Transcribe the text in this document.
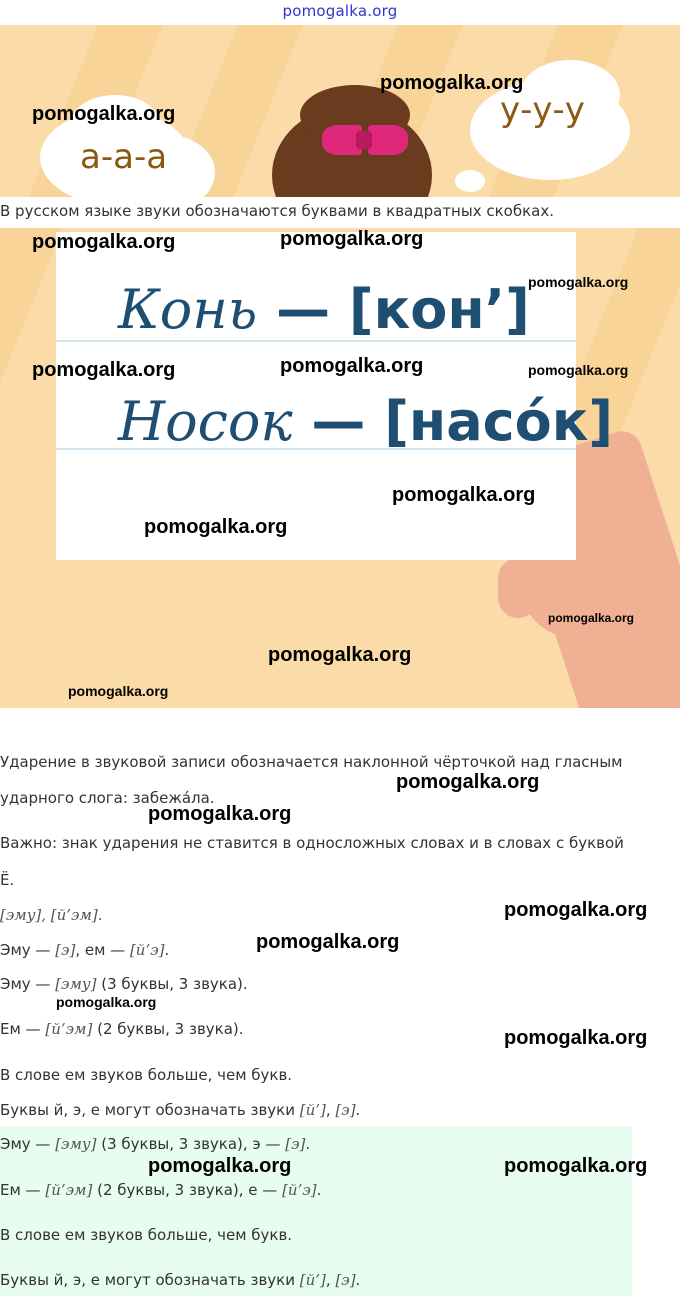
pomogalka.org
а-а-а
у-у-у
В русском языке звуки обозначаются буквами в квадратных скобках.
Конь — [кон’]
Носок — [насо́к]
Ударение в звуковой записи обозначается наклонной чёрточкой над гласным
ударного слога: забежа́ла.
Важно: знак ударения не ставится в односложных словах и в словах с буквой
Ё.
[эму], [й’эм].
Эму — [э], ем — [й’э].
Эму — [эму] (3 буквы, 3 звука).
Ем — [й’эм] (2 буквы, 3 звука).
В слове ем звуков больше, чем букв.
Буквы й, э, е могут обозначать звуки [й’], [э].
Эму — [эму] (3 буквы, 3 звука), э — [э].
Ем — [й’эм] (2 буквы, 3 звука), е — [й’э].
В слове ем звуков больше, чем букв.
Буквы й, э, е могут обозначать звуки [й’], [э].
pomogalka.org
pomogalka.org
pomogalka.org	pomogalka.org
pomogalka.org
pomogalka.org	pomogalka.org	pomogalka.org
pomogalka.org
pomogalka.org
pomogalka.org
pomogalka.org
pomogalka.org
pomogalka.org
pomogalka.org
pomogalka.org
pomogalka.org
pomogalka.org
pomogalka.org
pomogalka.org	pomogalka.org
